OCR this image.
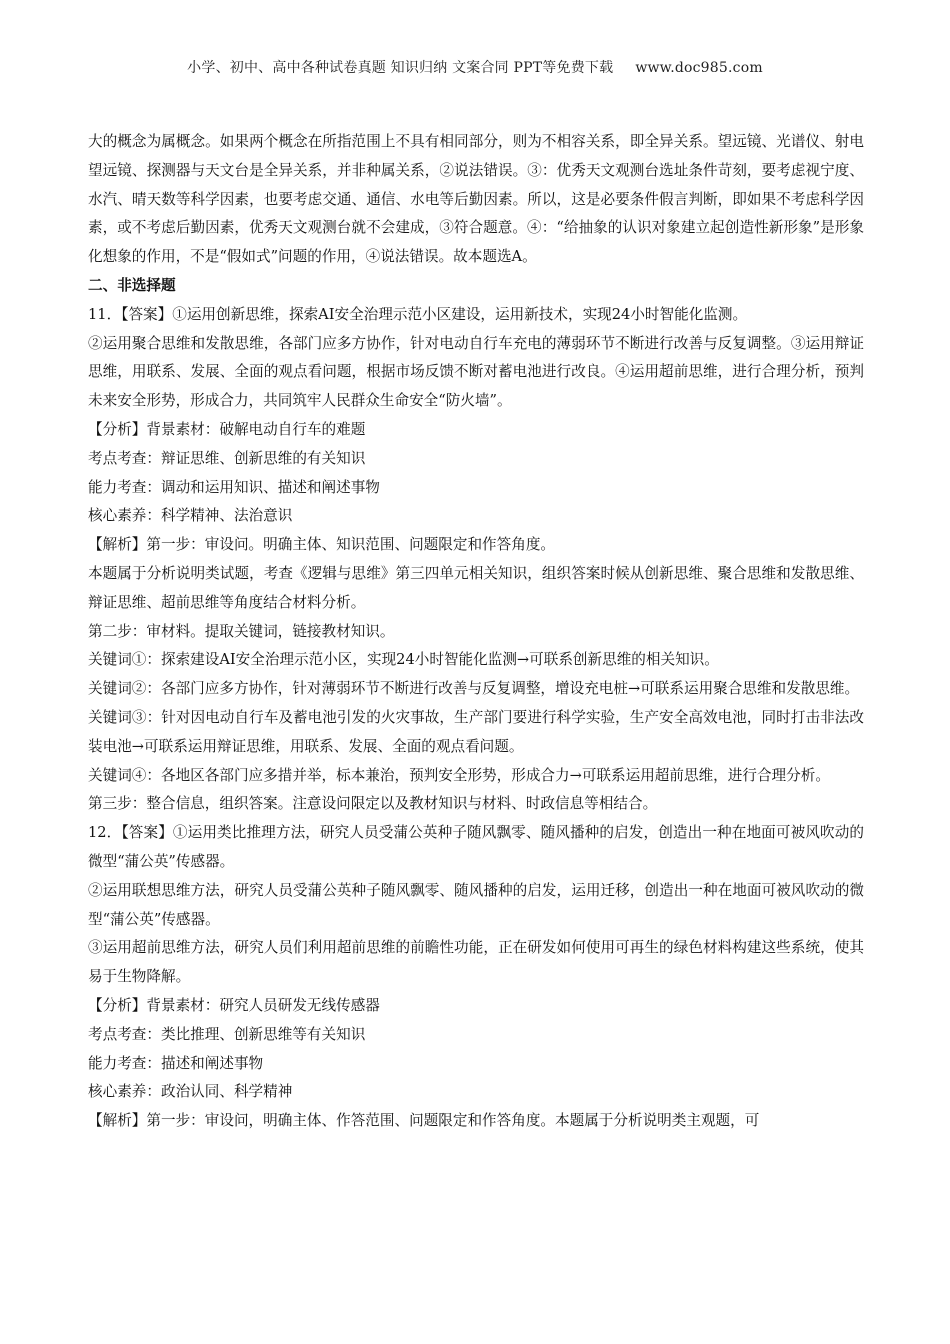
小学、初中、高中各种试卷真题 知识归纳 文案合同 PPT等免费下载 www.doc985.com

大的概念为属概念。如果两个概念在所指范围上不具有相同部分，则为不相容关系，即全异关系。望远镜、光谱仪、射电望远镜、探测器与天文台是全异关系，并非种属关系，②说法错误。③：优秀天文观测台选址条件苛刻，要考虑视宁度、水汽、晴天数等科学因素，也要考虑交通、通信、水电等后勤因素。所以，这是必要条件假言判断，即如果不考虑科学因素，或不考虑后勤因素，优秀天文观测台就不会建成，③符合题意。④：“给抽象的认识对象建立起创造性新形象”是形象化想象的作用，不是“假如式”问题的作用，④说法错误。故本题选A。

二、非选择题

11．【答案】①运用创新思维，探索AI安全治理示范小区建设，运用新技术，实现24小时智能化监测。

②运用聚合思维和发散思维，各部门应多方协作，针对电动自行车充电的薄弱环节不断进行改善与反复调整。③运用辩证思维，用联系、发展、全面的观点看问题，根据市场反馈不断对蓄电池进行改良。④运用超前思维，进行合理分析，预判未来安全形势，形成合力，共同筑牢人民群众生命安全“防火墙”。

【分析】背景素材：破解电动自行车的难题

考点考查：辩证思维、创新思维的有关知识

能力考查：调动和运用知识、描述和阐述事物

核心素养：科学精神、法治意识

【解析】第一步：审设问。明确主体、知识范围、问题限定和作答角度。

本题属于分析说明类试题，考查《逻辑与思维》第三四单元相关知识，组织答案时候从创新思维、聚合思维和发散思维、辩证思维、超前思维等角度结合材料分析。

第二步：审材料。提取关键词，链接教材知识。

关键词①：探索建设AI安全治理示范小区，实现24小时智能化监测→可联系创新思维的相关知识。

关键词②：各部门应多方协作，针对薄弱环节不断进行改善与反复调整，增设充电桩→可联系运用聚合思维和发散思维。

关键词③：针对因电动自行车及蓄电池引发的火灾事故，生产部门要进行科学实验，生产安全高效电池，同时打击非法改装电池→可联系运用辩证思维，用联系、发展、全面的观点看问题。

关键词④：各地区各部门应多措并举，标本兼治，预判安全形势，形成合力→可联系运用超前思维，进行合理分析。

第三步：整合信息，组织答案。注意设问限定以及教材知识与材料、时政信息等相结合。

12．【答案】①运用类比推理方法，研究人员受蒲公英种子随风飘零、随风播种的启发，创造出一种在地面可被风吹动的微型“蒲公英”传感器。

②运用联想思维方法，研究人员受蒲公英种子随风飘零、随风播种的启发，运用迁移，创造出一种在地面可被风吹动的微型“蒲公英”传感器。

③运用超前思维方法，研究人员们利用超前思维的前瞻性功能，正在研发如何使用可再生的绿色材料构建这些系统，使其易于生物降解。

【分析】背景素材：研究人员研发无线传感器

考点考查：类比推理、创新思维等有关知识

能力考查：描述和阐述事物

核心素养：政治认同、科学精神

【解析】第一步：审设问，明确主体、作答范围、问题限定和作答角度。本题属于分析说明类主观题，可
